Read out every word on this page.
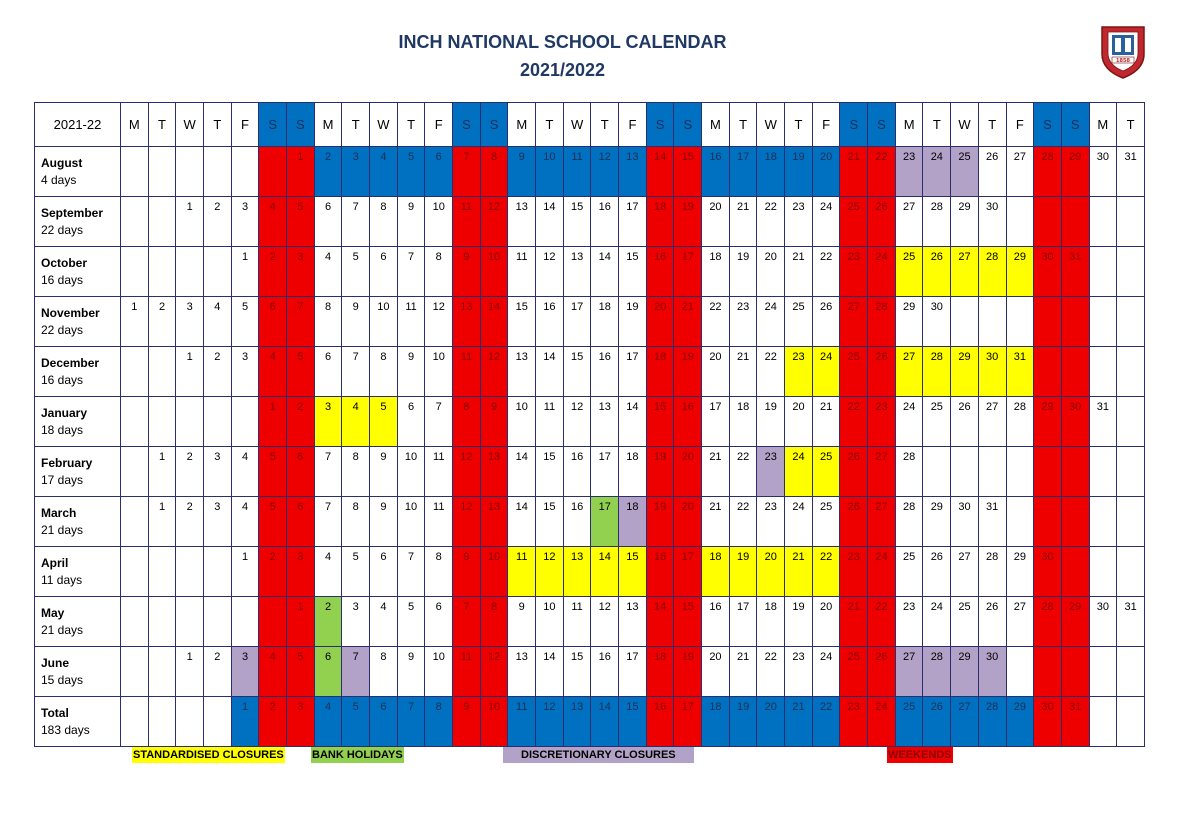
INCH NATIONAL SCHOOL CALENDAR
2021/2022	1858
2021-22	M	T	W	T	F	S	S	M	T	W	T	F	S	S	M	T	W	T	F	S	S	M	T	W	T	F	S	S	M	T	W	T	F	S	S	M	T
August
4 days							1	2	3	4	5	6	7	8	9	10	11	12	13	14	15	16	17	18	19	20	21	22	23	24	25	26	27	28	29	30	31
September
22 days			1	2	3	4	5	6	7	8	9	10	11	12	13	14	15	16	17	18	19	20	21	22	23	24	25	26	27	28	29	30					
October
16 days					1	2	3	4	5	6	7	8	9	10	11	12	13	14	15	16	17	18	19	20	21	22	23	24	25	26	27	28	29	30	31		
November
22 days	1	2	3	4	5	6	7	8	9	10	11	12	13	14	15	16	17	18	19	20	21	22	23	24	25	26	27	28	29	30							
December
16 days			1	2	3	4	5	6	7	8	9	10	11	12	13	14	15	16	17	18	19	20	21	22	23	24	25	26	27	28	29	30	31				
January
18 days						1	2	3	4	5	6	7	8	9	10	11	12	13	14	15	16	17	18	19	20	21	22	23	24	25	26	27	28	29	30	31	
February
17 days		1	2	3	4	5	6	7	8	9	10	11	12	13	14	15	16	17	18	19	20	21	22	23	24	25	26	27	28								
March
21 days		1	2	3	4	5	6	7	8	9	10	11	12	13	14	15	16	17	18	19	20	21	22	23	24	25	26	27	28	29	30	31					
April
11 days					1	2	3	4	5	6	7	8	9	10	11	12	13	14	15	16	17	18	19	20	21	22	23	24	25	26	27	28	29	30			
May
21 days							1	2	3	4	5	6	7	8	9	10	11	12	13	14	15	16	17	18	19	20	21	22	23	24	25	26	27	28	29	30	31
June
15 days			1	2	3	4	5	6	7	8	9	10	11	12	13	14	15	16	17	18	19	20	21	22	23	24	25	26	27	28	29	30					
Total
183 days					1	2	3	4	5	6	7	8	9	10	11	12	13	14	15	16	17	18	19	20	21	22	23	24	25	26	27	28	29	30	31		
STANDARDISED CLOSURES	BANK HOLIDAYS	DISCRETIONARY CLOSURES	WEEKENDS
